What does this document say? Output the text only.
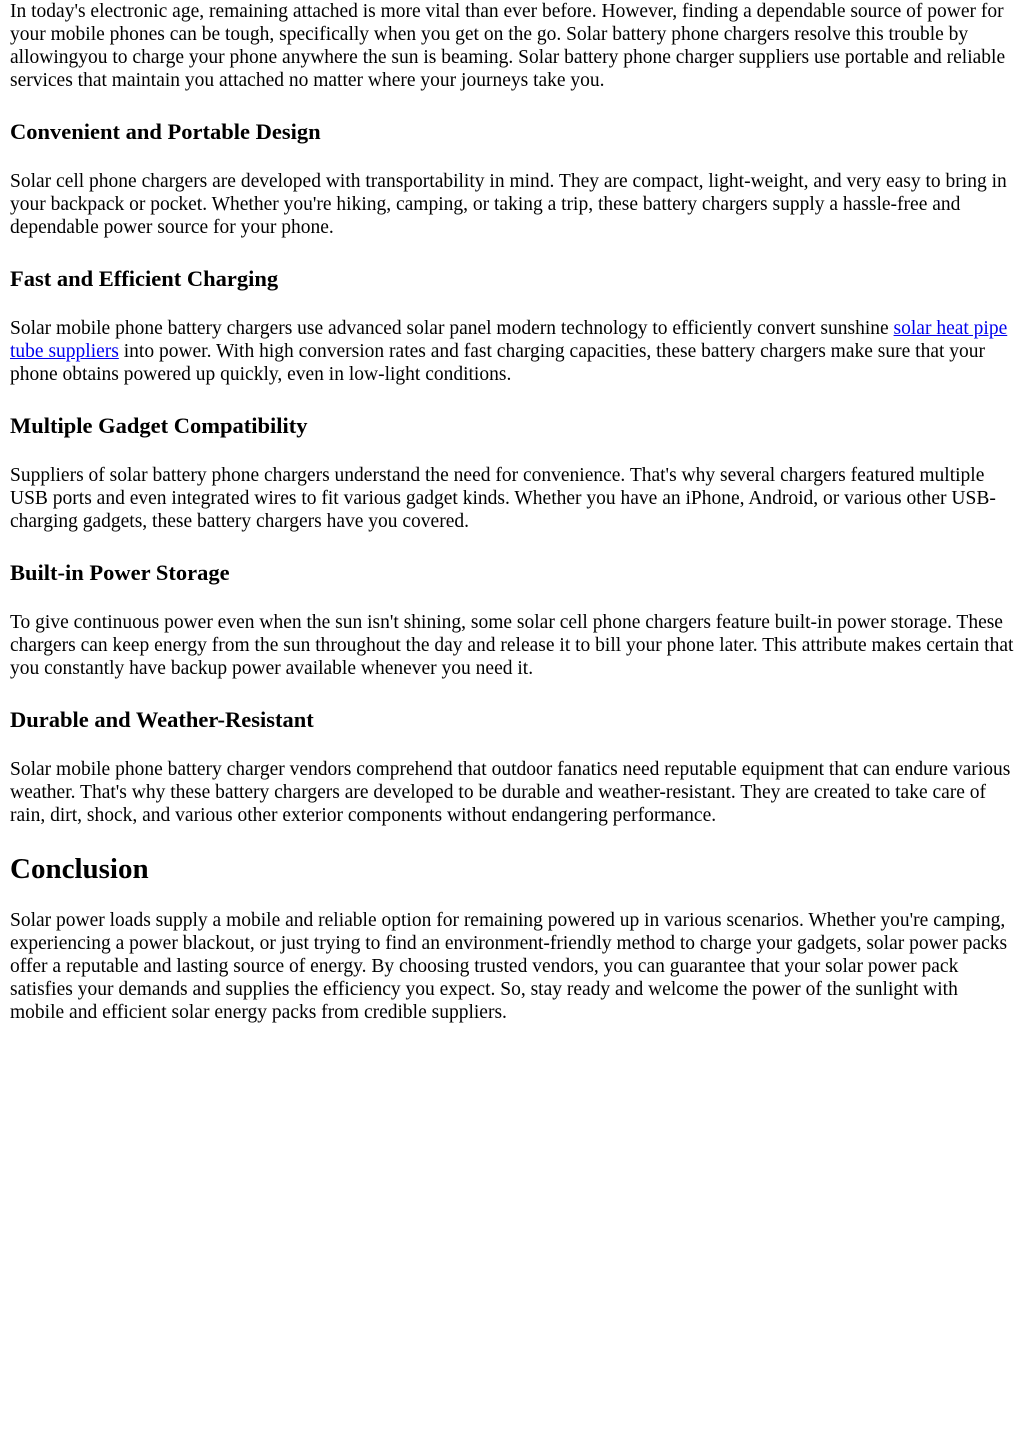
In today's electronic age, remaining attached is more vital than ever before. However, finding a dependable source of power for your mobile phones can be tough, specifically when you get on the go. Solar battery phone chargers resolve this trouble by allowingyou to charge your phone anywhere the sun is beaming. Solar battery phone charger suppliers use portable and reliable services that maintain you attached no matter where your journeys take you.

Convenient and Portable Design

Solar cell phone chargers are developed with transportability in mind. They are compact, light-weight, and very easy to bring in your backpack or pocket. Whether you're hiking, camping, or taking a trip, these battery chargers supply a hassle-free and dependable power source for your phone.

Fast and Efficient Charging

Solar mobile phone battery chargers use advanced solar panel modern technology to efficiently convert sunshine solar heat pipe tube suppliers into power. With high conversion rates and fast charging capacities, these battery chargers make sure that your phone obtains powered up quickly, even in low-light conditions.

Multiple Gadget Compatibility

Suppliers of solar battery phone chargers understand the need for convenience. That's why several chargers featured multiple USB ports and even integrated wires to fit various gadget kinds. Whether you have an iPhone, Android, or various other USB-charging gadgets, these battery chargers have you covered.

Built-in Power Storage

To give continuous power even when the sun isn't shining, some solar cell phone chargers feature built-in power storage. These chargers can keep energy from the sun throughout the day and release it to bill your phone later. This attribute makes certain that you constantly have backup power available whenever you need it.

Durable and Weather-Resistant

Solar mobile phone battery charger vendors comprehend that outdoor fanatics need reputable equipment that can endure various weather. That's why these battery chargers are developed to be durable and weather-resistant. They are created to take care of rain, dirt, shock, and various other exterior components without endangering performance.

Conclusion

Solar power loads supply a mobile and reliable option for remaining powered up in various scenarios. Whether you're camping, experiencing a power blackout, or just trying to find an environment-friendly method to charge your gadgets, solar power packs offer a reputable and lasting source of energy. By choosing trusted vendors, you can guarantee that your solar power pack satisfies your demands and supplies the efficiency you expect. So, stay ready and welcome the power of the sunlight with mobile and efficient solar energy packs from credible suppliers.
